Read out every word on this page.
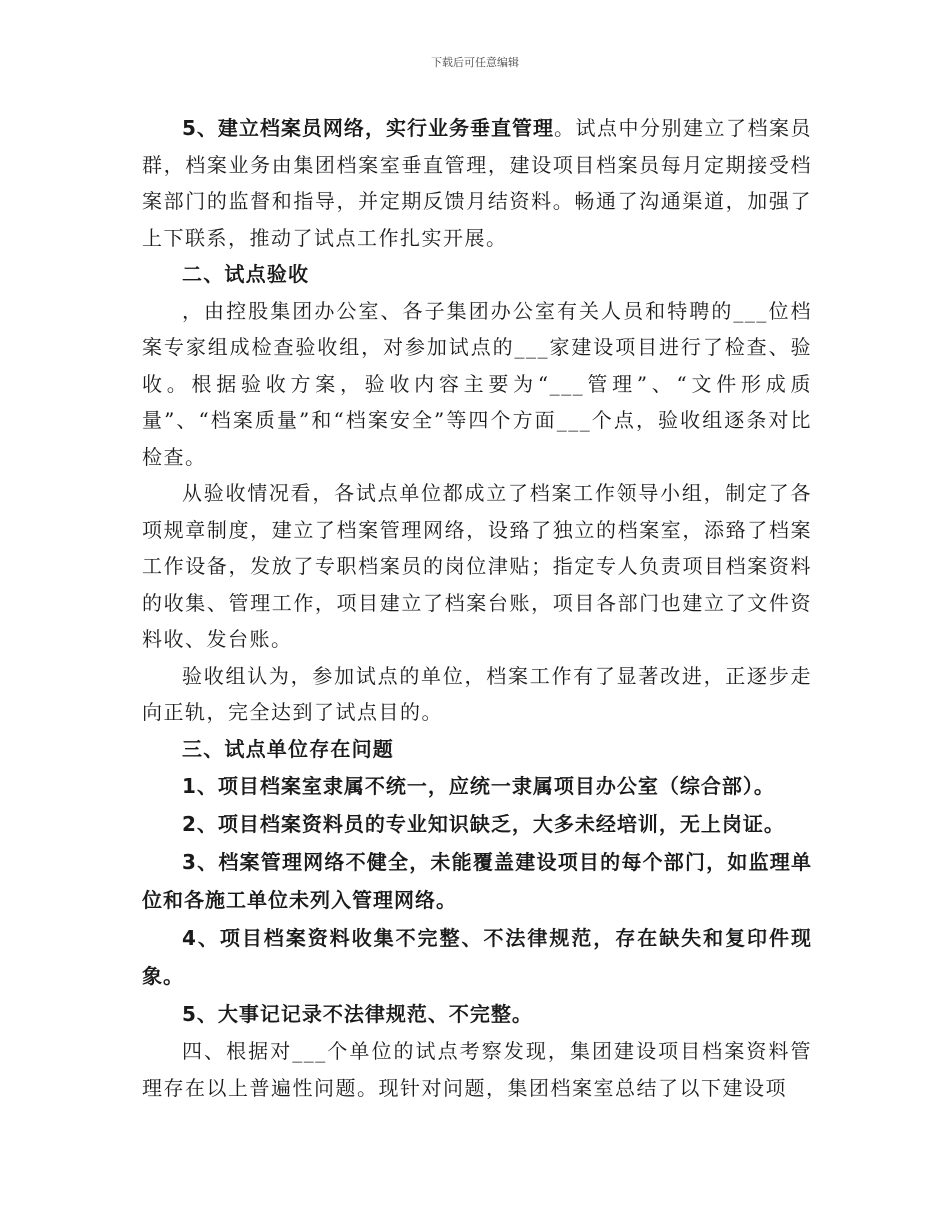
下载后可任意编辑

5、建立档案员网络，实行业务垂直管理。试点中分别建立了档案员群，档案业务由集团档案室垂直管理，建设项目档案员每月定期接受档案部门的监督和指导，并定期反馈月结资料。畅通了沟通渠道，加强了上下联系，推动了试点工作扎实开展。

二、试点验收

，由控股集团办公室、各子集团办公室有关人员和特聘的___位档案专家组成检查验收组，对参加试点的___家建设项目进行了检查、验收。根据验收方案，验收内容主要为“___管理”、“文件形成质量”、“档案质量”和“档案安全”等四个方面___个点，验收组逐条对比检查。

从验收情况看，各试点单位都成立了档案工作领导小组，制定了各项规章制度，建立了档案管理网络，设臵了独立的档案室，添臵了档案工作设备，发放了专职档案员的岗位津贴；指定专人负责项目档案资料的收集、管理工作，项目建立了档案台账，项目各部门也建立了文件资料收、发台账。

验收组认为，参加试点的单位，档案工作有了显著改进，正逐步走向正轨，完全达到了试点目的。

三、试点单位存在问题

1、项目档案室隶属不统一，应统一隶属项目办公室（综合部）。

2、项目档案资料员的专业知识缺乏，大多未经培训，无上岗证。

3、档案管理网络不健全，未能覆盖建设项目的每个部门，如监理单位和各施工单位未列入管理网络。

4、项目档案资料收集不完整、不法律规范，存在缺失和复印件现象。

5、大事记记录不法律规范、不完整。

四、根据对___个单位的试点考察发现，集团建设项目档案资料管理存在以上普遍性问题。现针对问题，集团档案室总结了以下建设项
